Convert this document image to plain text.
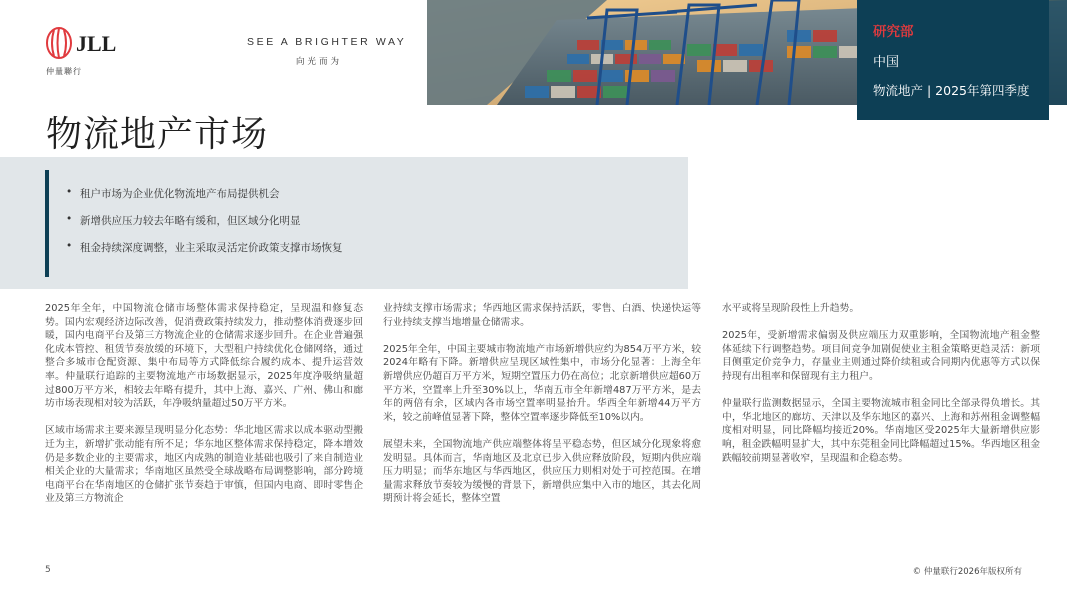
JLL
仲量聯行
SEE A BRIGHTER WAY
向光而为
研究部
中国
物流地产 | 2025年第四季度
物流地产市场
• 租户市场为企业优化物流地产布局提供机会
• 新增供应压力较去年略有缓和，但区域分化明显
• 租金持续深度调整，业主采取灵活定价政策支撑市场恢复

2025年全年，中国物流仓储市场整体需求保持稳定，呈现温和修复态势。国内宏观经济边际改善，促消费政策持续发力，推动整体消费逐步回暖，国内电商平台及第三方物流企业的仓储需求逐步回升。在企业普遍强化成本管控、租赁节奏放缓的环境下，大型租户持续优化仓储网络，通过整合多城市仓配资源、集中布局等方式降低综合履约成本、提升运营效率。仲量联行追踪的主要物流地产市场数据显示，2025年度净吸纳量超过800万平方米，相较去年略有提升，其中上海、嘉兴、广州、佛山和廊坊市场表现相对较为活跃，年净吸纳量超过50万平方米。

区域市场需求主要来源呈现明显分化态势：华北地区需求以成本驱动型搬迁为主，新增扩张动能有所不足；华东地区整体需求保持稳定，降本增效仍是多数企业的主要需求，地区内成熟的制造业基础也吸引了来自制造业相关企业的大量需求；华南地区虽然受全球战略布局调整影响，部分跨境电商平台在华南地区的仓储扩张节奏趋于审慎，但国内电商、即时零售企业及第三方物流企

业持续支撑市场需求；华西地区需求保持活跃，零售、白酒、快递快运等行业持续支撑当地增量仓储需求。

2025年全年，中国主要城市物流地产市场新增供应约为854万平方米，较2024年略有下降。新增供应呈现区域性集中，市场分化显著：上海全年新增供应仍超百万平方米，短期空置压力仍在高位；北京新增供应超60万平方米，空置率上升至30%以上，华南五市全年新增487万平方米，是去年的两倍有余，区域内各市场空置率明显抬升。华西全年新增44万平方米，较之前峰值显著下降，整体空置率逐步降低至10%以内。

展望未来，全国物流地产供应端整体将呈平稳态势，但区域分化现象将愈发明显。具体而言，华南地区及北京已步入供应释放阶段，短期内供应端压力明显；而华东地区与华西地区，供应压力则相对处于可控范围。在增量需求释放节奏较为缓慢的背景下，新增供应集中入市的地区，其去化周期预计将会延长，整体空置

水平或将呈现阶段性上升趋势。

2025年，受新增需求偏弱及供应端压力双重影响，全国物流地产租金整体延续下行调整趋势。项目间竞争加剧促使业主租金策略更趋灵活：新项目侧重定价竞争力，存量业主则通过降价续租或合同期内优惠等方式以保持现有出租率和保留现有主力租户。

仲量联行监测数据显示，全国主要物流城市租金同比全部录得负增长。其中，华北地区的廊坊、天津以及华东地区的嘉兴、上海和苏州租金调整幅度相对明显，同比降幅均接近20%。华南地区受2025年大量新增供应影响，租金跌幅明显扩大，其中东莞租金同比降幅超过15%。华西地区租金跌幅较前期显著收窄，呈现温和企稳态势。

5	© 仲量联行2026年版权所有
